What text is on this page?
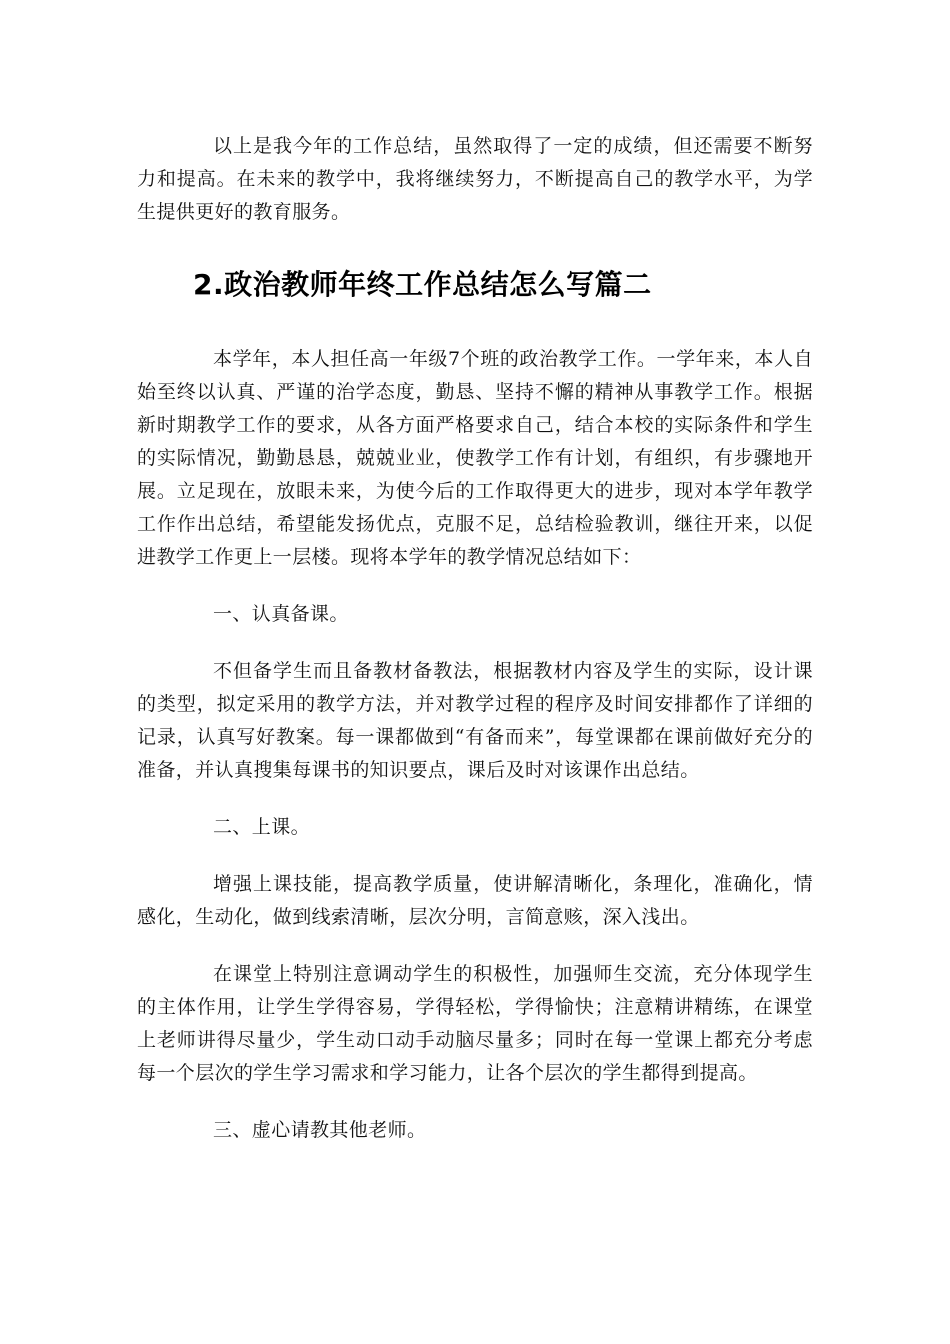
以上是我今年的工作总结，虽然取得了一定的成绩，但还需要不断努力和提高。在未来的教学中，我将继续努力，不断提高自己的教学水平，为学生提供更好的教育服务。

2.政治教师年终工作总结怎么写篇二

本学年，本人担任高一年级7个班的政治教学工作。一学年来，本人自始至终以认真、严谨的治学态度，勤恳、坚持不懈的精神从事教学工作。根据新时期教学工作的要求，从各方面严格要求自己，结合本校的实际条件和学生的实际情况，勤勤恳恳，兢兢业业，使教学工作有计划，有组织，有步骤地开展。立足现在，放眼未来，为使今后的工作取得更大的进步，现对本学年教学工作作出总结，希望能发扬优点，克服不足，总结检验教训，继往开来，以促进教学工作更上一层楼。现将本学年的教学情况总结如下：

一、认真备课。

不但备学生而且备教材备教法，根据教材内容及学生的实际，设计课的类型，拟定采用的教学方法，并对教学过程的程序及时间安排都作了详细的记录，认真写好教案。每一课都做到“有备而来”，每堂课都在课前做好充分的准备，并认真搜集每课书的知识要点，课后及时对该课作出总结。

二、上课。

增强上课技能，提高教学质量，使讲解清晰化，条理化，准确化，情感化，生动化，做到线索清晰，层次分明，言简意赅，深入浅出。

在课堂上特别注意调动学生的积极性，加强师生交流，充分体现学生的主体作用，让学生学得容易，学得轻松，学得愉快；注意精讲精练，在课堂上老师讲得尽量少，学生动口动手动脑尽量多；同时在每一堂课上都充分考虑每一个层次的学生学习需求和学习能力，让各个层次的学生都得到提高。

三、虚心请教其他老师。
